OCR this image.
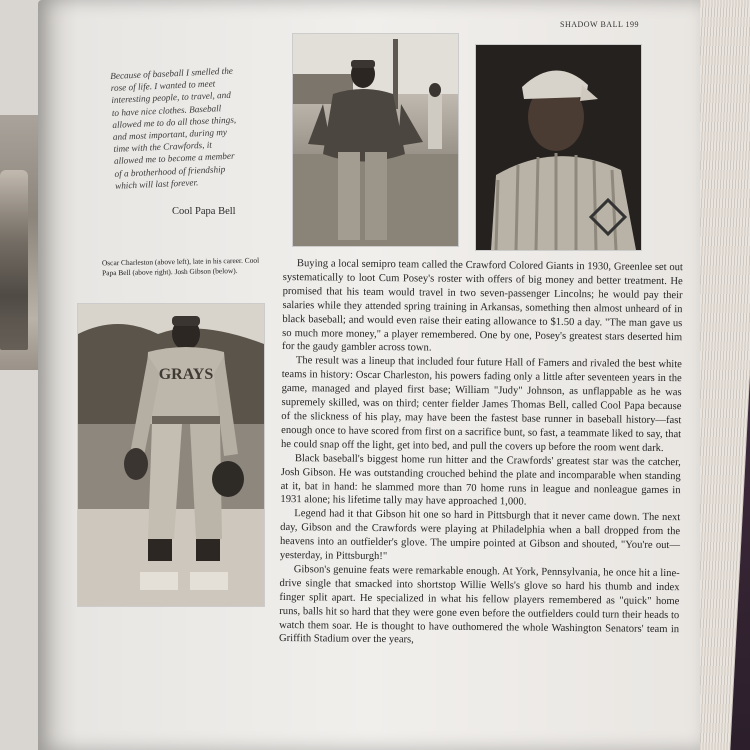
SHADOW BALL 199

Because of baseball I smelled the

rose of life. I wanted to meet

interesting people, to travel, and

to have nice clothes. Baseball

allowed me to do all those things,

and most important, during my

time with the Crawfords, it

allowed me to become a member

of a brotherhood of friendship

which will last forever.

Cool Papa Bell
Oscar Charleston (above left), late in his career. Cool Papa Bell (above right). Josh Gibson (below).
GRAYS

Buying a local semipro team called the Crawford Colored Giants in 1930, Greenlee set out systematically to loot Cum Posey's roster with offers of big money and better treatment. He promised that his team would travel in two seven-passenger Lincolns; he would pay their salaries while they attended spring training in Arkansas, something then almost unheard of in black baseball; and would even raise their eating allowance to $1.50 a day. "The man gave us so much more money," a player remembered. One by one, Posey's greatest stars deserted him for the gaudy gambler across town.

The result was a lineup that included four future Hall of Famers and rivaled the best white teams in history: Oscar Charleston, his powers fading only a little after seventeen years in the game, managed and played first base; William "Judy" Johnson, as unflappable as he was supremely skilled, was on third; center fielder James Thomas Bell, called Cool Papa because of the slickness of his play, may have been the fastest base runner in baseball history—fast enough once to have scored from first on a sacrifice bunt, so fast, a teammate liked to say, that he could snap off the light, get into bed, and pull the covers up before the room went dark.

Black baseball's biggest home run hitter and the Crawfords' greatest star was the catcher, Josh Gibson. He was outstanding crouched behind the plate and incomparable when standing at it, bat in hand: he slammed more than 70 home runs in league and nonleague games in 1931 alone; his lifetime tally may have approached 1,000.

Legend had it that Gibson hit one so hard in Pittsburgh that it never came down. The next day, Gibson and the Crawfords were playing at Philadelphia when a ball dropped from the heavens into an outfielder's glove. The umpire pointed at Gibson and shouted, "You're out—yesterday, in Pittsburgh!"

Gibson's genuine feats were remarkable enough. At York, Pennsylvania, he once hit a line-drive single that smacked into shortstop Willie Wells's glove so hard his thumb and index finger split apart. He specialized in what his fellow players remembered as "quick" home runs, balls hit so hard that they were gone even before the outfielders could turn their heads to watch them soar. He is thought to have outhomered the whole Washington Senators' team in Griffith Stadium over the years,
